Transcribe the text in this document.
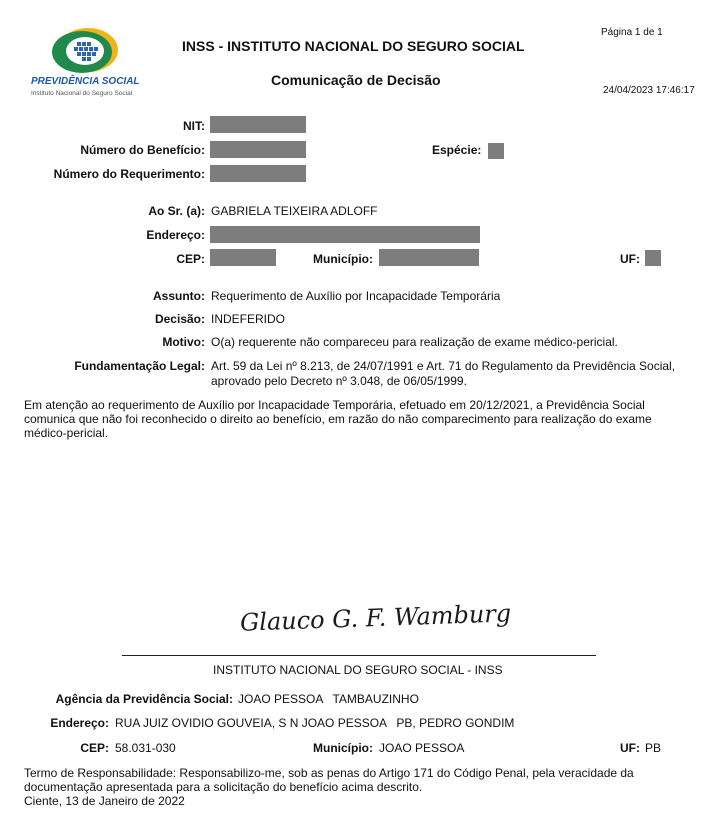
PREVIDÊNCIA SOCIAL
Instituto Nacional do Seguro Social
INSS - INSTITUTO NACIONAL DO SEGURO SOCIAL
Comunicação de Decisão
Página 1 de 1
24/04/2023 17:46:17
NIT:
Número do Benefício:	Espécie:
Número do Requerimento:
Ao Sr. (a): GABRIELA TEIXEIRA ADLOFF
Endereço:
CEP:	Município:	UF:
Assunto: Requerimento de Auxílio por Incapacidade Temporária
Decisão: INDEFERIDO
Motivo: O(a) requerente não compareceu para realização de exame médico-pericial.
Fundamentação Legal: Art. 59 da Lei nº 8.213, de 24/07/1991 e Art. 71 do Regulamento da Previdência Social,
aprovado pelo Decreto nº 3.048, de 06/05/1999.
Em atenção ao requerimento de Auxílio por Incapacidade Temporária, efetuado em 20/12/2021, a Previdência Social
comunica que não foi reconhecido o direito ao benefício, em razão do não comparecimento para realização do exame
médico-pericial.
Glauco G. F. Wamburg
INSTITUTO NACIONAL DO SEGURO SOCIAL - INSS
Agência da Previdência Social: JOAO PESSOA   TAMBAUZINHO
Endereço: RUA JUIZ OVIDIO GOUVEIA, S N JOAO PESSOA   PB, PEDRO GONDIM
CEP: 58.031-030	Município: JOAO PESSOA	UF: PB
Termo de Responsabilidade: Responsabilizo-me, sob as penas do Artigo 171 do Código Penal, pela veracidade da
documentação apresentada para a solicitação do benefício acima descrito.
Ciente, 13 de Janeiro de 2022
